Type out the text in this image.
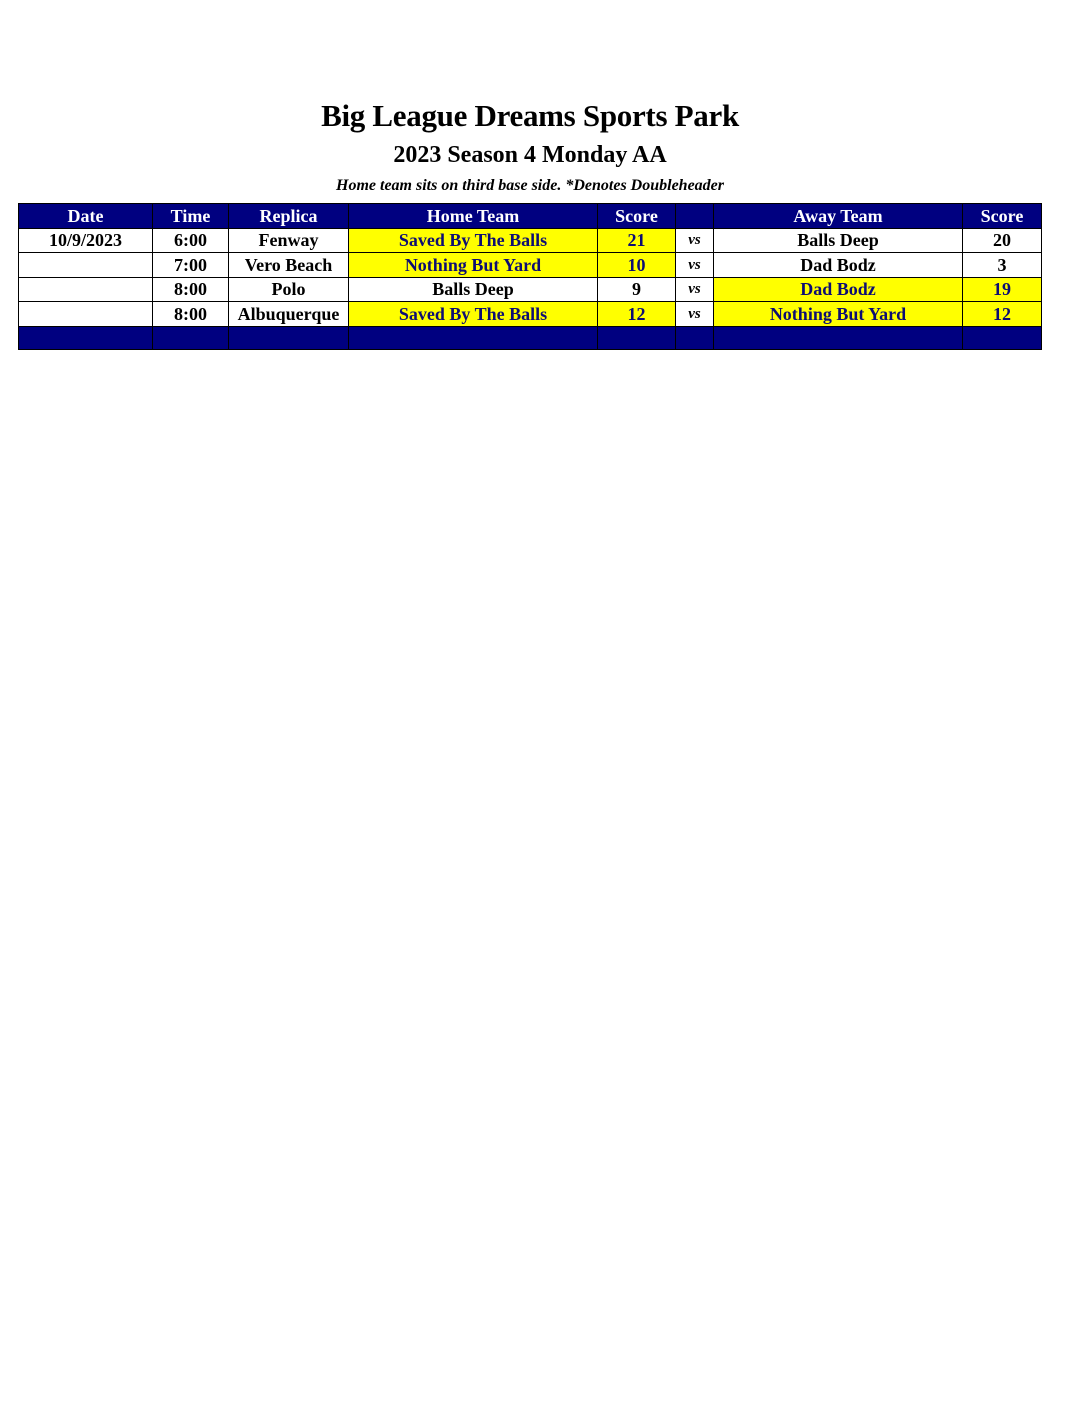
Big League Dreams Sports Park
2023 Season 4 Monday AA
Home team sits on third base side. *Denotes Doubleheader
Date	Time	Replica	Home Team	Score		Away Team	Score
10/9/2023	6:00	Fenway	Saved By The Balls	21	vs	Balls Deep	20
	7:00	Vero Beach	Nothing But Yard	10	vs	Dad Bodz	3
	8:00	Polo	Balls Deep	9	vs	Dad Bodz	19
	8:00	Albuquerque	Saved By The Balls	12	vs	Nothing But Yard	12
